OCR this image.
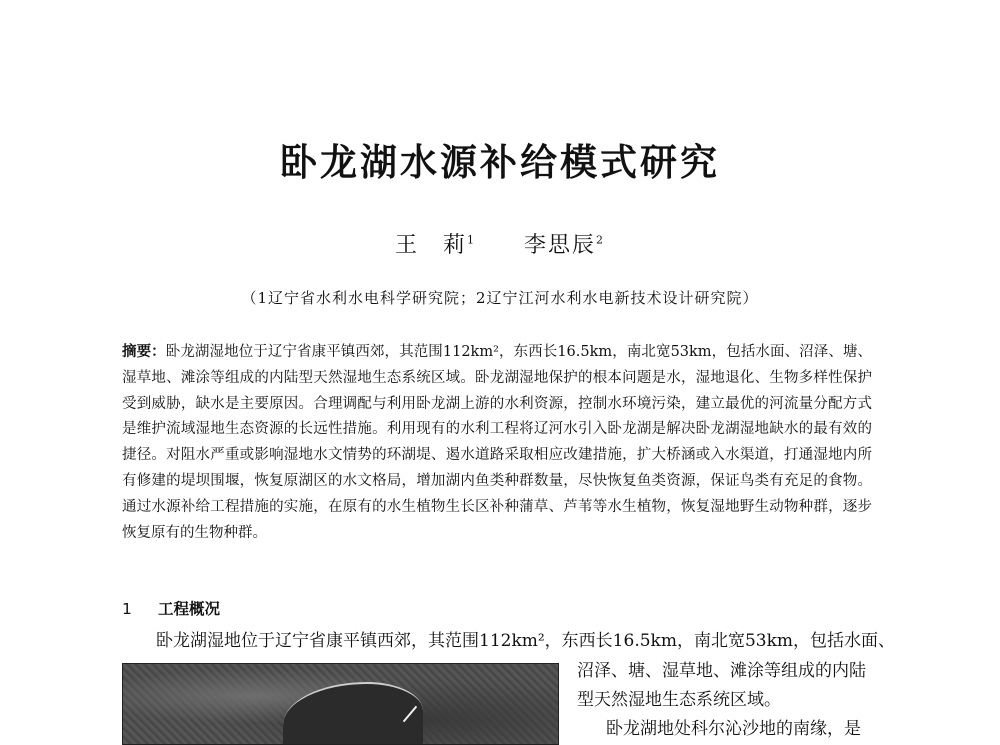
卧龙湖水源补给模式研究
王　莉$^1$ 李思辰$^2$
（1辽宁省水利水电科学研究院；2辽宁江河水利水电新技术设计研究院）
摘要：卧龙湖湿地位于辽宁省康平镇西郊，其范围112km²，东西长16.5km，南北宽53km，包括水面、沼泽、塘、湿草地、滩涂等组成的内陆型天然湿地生态系统区域。卧龙湖湿地保护的根本问题是水，湿地退化、生物多样性保护受到威胁，缺水是主要原因。合理调配与利用卧龙湖上游的水利资源，控制水环境污染，建立最优的河流量分配方式是维护流域湿地生态资源的长远性措施。利用现有的水利工程将辽河水引入卧龙湖是解决卧龙湖湿地缺水的最有效的捷径。对阻水严重或影响湿地水文情势的环湖堤、遏水道路采取相应改建措施，扩大桥涵或入水渠道，打通湿地内所有修建的堤坝围堰，恢复原湖区的水文格局，增加湖内鱼类种群数量，尽快恢复鱼类资源，保证鸟类有充足的食物。通过水源补给工程措施的实施，在原有的水生植物生长区补种蒲草、芦苇等水生植物，恢复湿地野生动物种群，逐步恢复原有的生物种群。
1 工程概况
卧龙湖湿地位于辽宁省康平镇西郊，其范围112km²，东西长16.5km，南北宽53km，包括水面、
沼泽、塘、湿草地、滩涂等组成的内陆
型天然湿地生态系统区域。
卧龙湖地处科尔沁沙地的南缘，是
